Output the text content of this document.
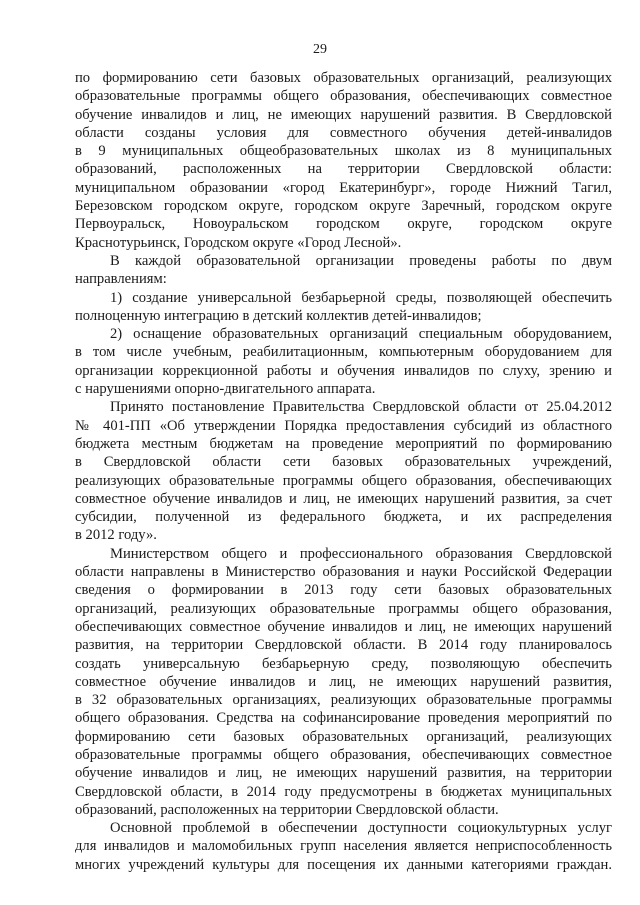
29
по формированию сети базовых образовательных организаций, реализующих
образовательные программы общего образования, обеспечивающих совместное
обучение инвалидов и лиц, не имеющих нарушений развития. В Свердловской
области созданы условия для совместного обучения детей-инвалидов
в 9 муниципальных общеобразовательных школах из 8 муниципальных
образований, расположенных на территории Свердловской области:
муниципальном образовании «город Екатеринбург», городе Нижний Тагил,
Березовском городском округе, городском округе Заречный, городском округе
Первоуральск, Новоуральском городском округе, городском округе
Краснотурьинск, Городском округе «Город Лесной».
В каждой образовательной организации проведены работы по двум
направлениям:
1) создание универсальной безбарьерной среды, позволяющей обеспечить
полноценную интеграцию в детский коллектив детей-инвалидов;
2) оснащение образовательных организаций специальным оборудованием,
в том числе учебным, реабилитационным, компьютерным оборудованием для
организации коррекционной работы и обучения инвалидов по слуху, зрению и
с нарушениями опорно-двигательного аппарата.
Принято постановление Правительства Свердловской области от 25.04.2012
№ 401-ПП «Об утверждении Порядка предоставления субсидий из областного
бюджета местным бюджетам на проведение мероприятий по формированию
в Свердловской области сети базовых образовательных учреждений,
реализующих образовательные программы общего образования, обеспечивающих
совместное обучение инвалидов и лиц, не имеющих нарушений развития, за счет
субсидии, полученной из федерального бюджета, и их распределения
в 2012 году».
Министерством общего и профессионального образования Свердловской
области направлены в Министерство образования и науки Российской Федерации
сведения о формировании в 2013 году сети базовых образовательных
организаций, реализующих образовательные программы общего образования,
обеспечивающих совместное обучение инвалидов и лиц, не имеющих нарушений
развития, на территории Свердловской области. В 2014 году планировалось
создать универсальную безбарьерную среду, позволяющую обеспечить
совместное обучение инвалидов и лиц, не имеющих нарушений развития,
в 32 образовательных организациях, реализующих образовательные программы
общего образования. Средства на софинансирование проведения мероприятий по
формированию сети базовых образовательных организаций, реализующих
образовательные программы общего образования, обеспечивающих совместное
обучение инвалидов и лиц, не имеющих нарушений развития, на территории
Свердловской области, в 2014 году предусмотрены в бюджетах муниципальных
образований, расположенных на территории Свердловской области.
Основной проблемой в обеспечении доступности социокультурных услуг
для инвалидов и маломобильных групп населения является неприспособленность
многих учреждений культуры для посещения их данными категориями граждан.
